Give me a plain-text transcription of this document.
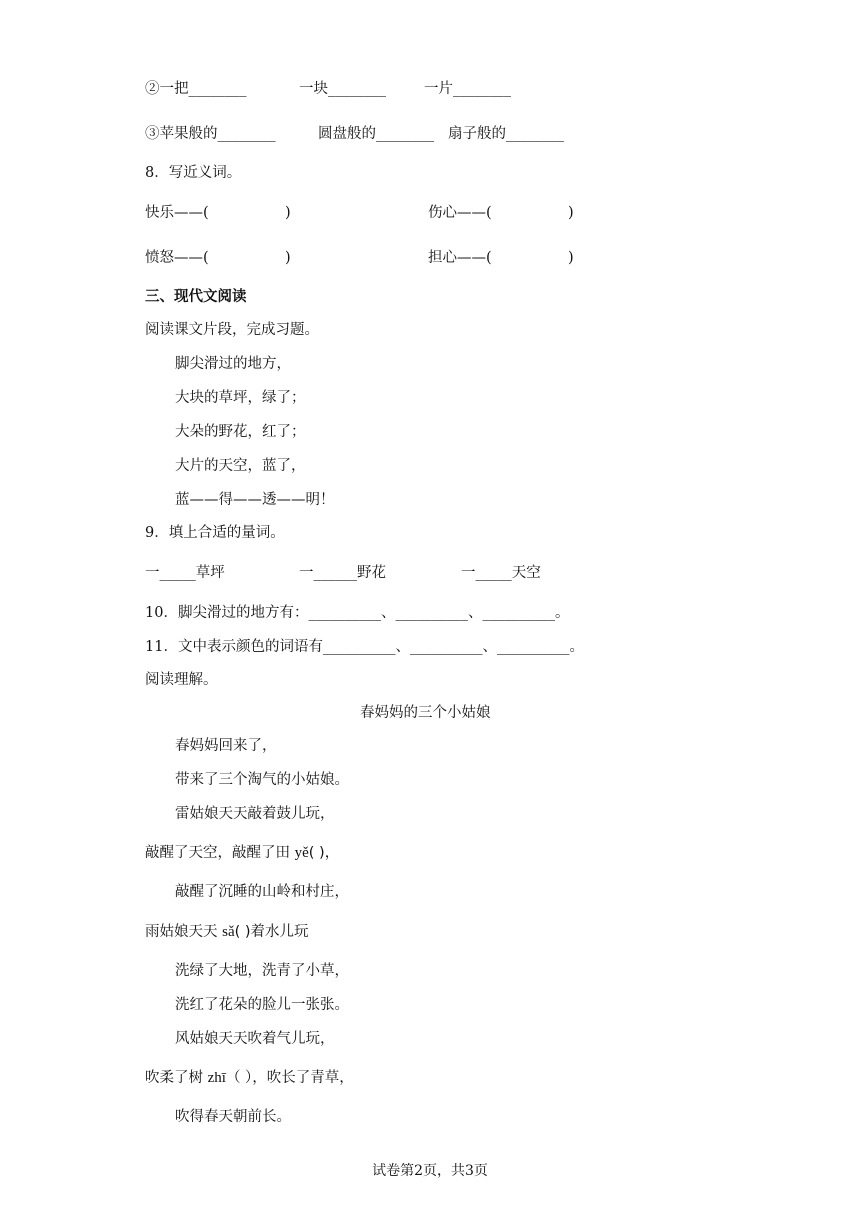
②一把________	一块________	一片________
③苹果般的________	圆盘般的________ 扇子般的________
8．写近义词。
快乐——(	)	伤心——(	)
愤怒——(	)	担心——(	)
三、现代文阅读
阅读课文片段，完成习题。
脚尖滑过的地方，
大块的草坪，绿了；
大朵的野花，红了；
大片的天空，蓝了，
蓝——得——透——明！
9．填上合适的量词。
一_____草坪	一______野花	一_____天空
10．脚尖滑过的地方有：__________、__________、__________。
11．文中表示颜色的词语有__________、__________、__________。
阅读理解。
春妈妈的三个小姑娘
春妈妈回来了，
带来了三个淘气的小姑娘。
雷姑娘天天敲着鼓儿玩，
敲醒了天空，敲醒了田 yě( )，
敲醒了沉睡的山岭和村庄，
雨姑娘天天 sǎ( )着水儿玩
洗绿了大地，洗青了小草，
洗红了花朵的脸儿一张张。
风姑娘天天吹着气儿玩，
吹柔了树 zhī（ ），吹长了青草，
吹得春天朝前长。
试卷第2页，共3页
